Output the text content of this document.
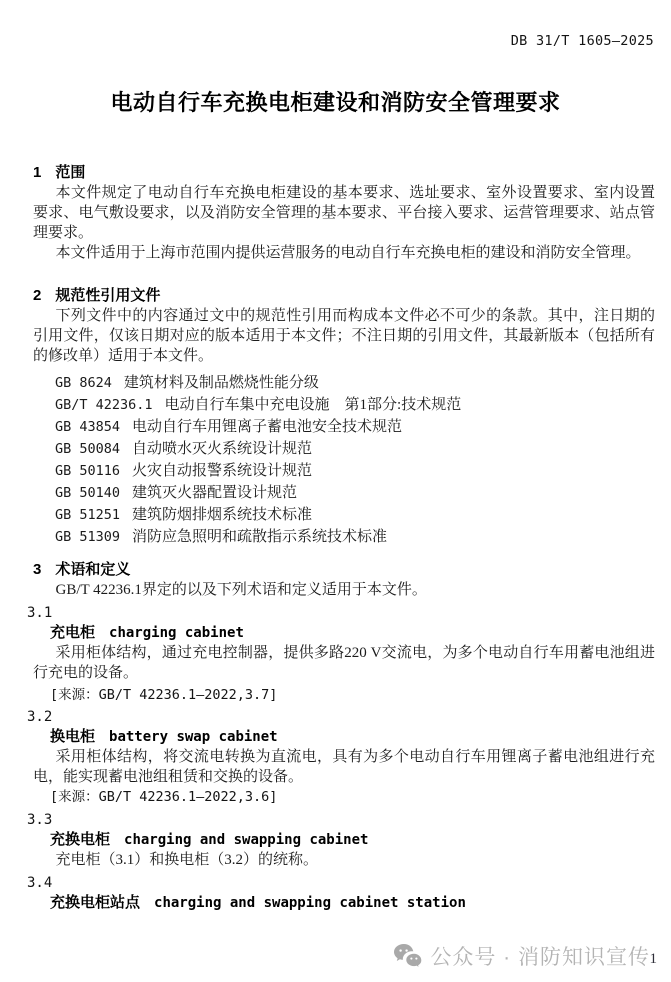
DB 31/T 1605—2025
电动自行车充换电柜建设和消防安全管理要求
1 范围

本文件规定了电动自行车充换电柜建设的基本要求、选址要求、室外设置要求、室内设置要求、电气敷设要求，以及消防安全管理的基本要求、平台接入要求、运营管理要求、站点管理要求。

本文件适用于上海市范围内提供运营服务的电动自行车充换电柜的建设和消防安全管理。

2 规范性引用文件

下列文件中的内容通过文中的规范性引用而构成本文件必不可少的条款。其中，注日期的引用文件，仅该日期对应的版本适用于本文件；不注日期的引用文件，其最新版本（包括所有的修改单）适用于本文件。

GB 8624 建筑材料及制品燃烧性能分级
GB/T 42236.1 电动自行车集中充电设施　第1部分:技术规范
GB 43854 电动自行车用锂离子蓄电池安全技术规范
GB 50084 自动喷水灭火系统设计规范
GB 50116 火灾自动报警系统设计规范
GB 50140 建筑灭火器配置设计规范
GB 51251 建筑防烟排烟系统技术标准
GB 51309 消防应急照明和疏散指示系统技术标准
3 术语和定义

GB/T 42236.1界定的以及下列术语和定义适用于本文件。

3.1
充电柜 charging cabinet

采用柜体结构，通过充电控制器，提供多路220 V交流电，为多个电动自行车用蓄电池组进行充电的设备。

[来源：GB/T 42236.1—2022,3.7]
3.2
换电柜 battery swap cabinet

采用柜体结构，将交流电转换为直流电，具有为多个电动自行车用锂离子蓄电池组进行充电，能实现蓄电池组租赁和交换的设备。

[来源：GB/T 42236.1—2022,3.6]
3.3
充换电柜 charging and swapping cabinet

充电柜（3.1）和换电柜（3.2）的统称。

3.4
充换电柜站点 charging and swapping cabinet station
公众号 · 消防知识宣传 1
